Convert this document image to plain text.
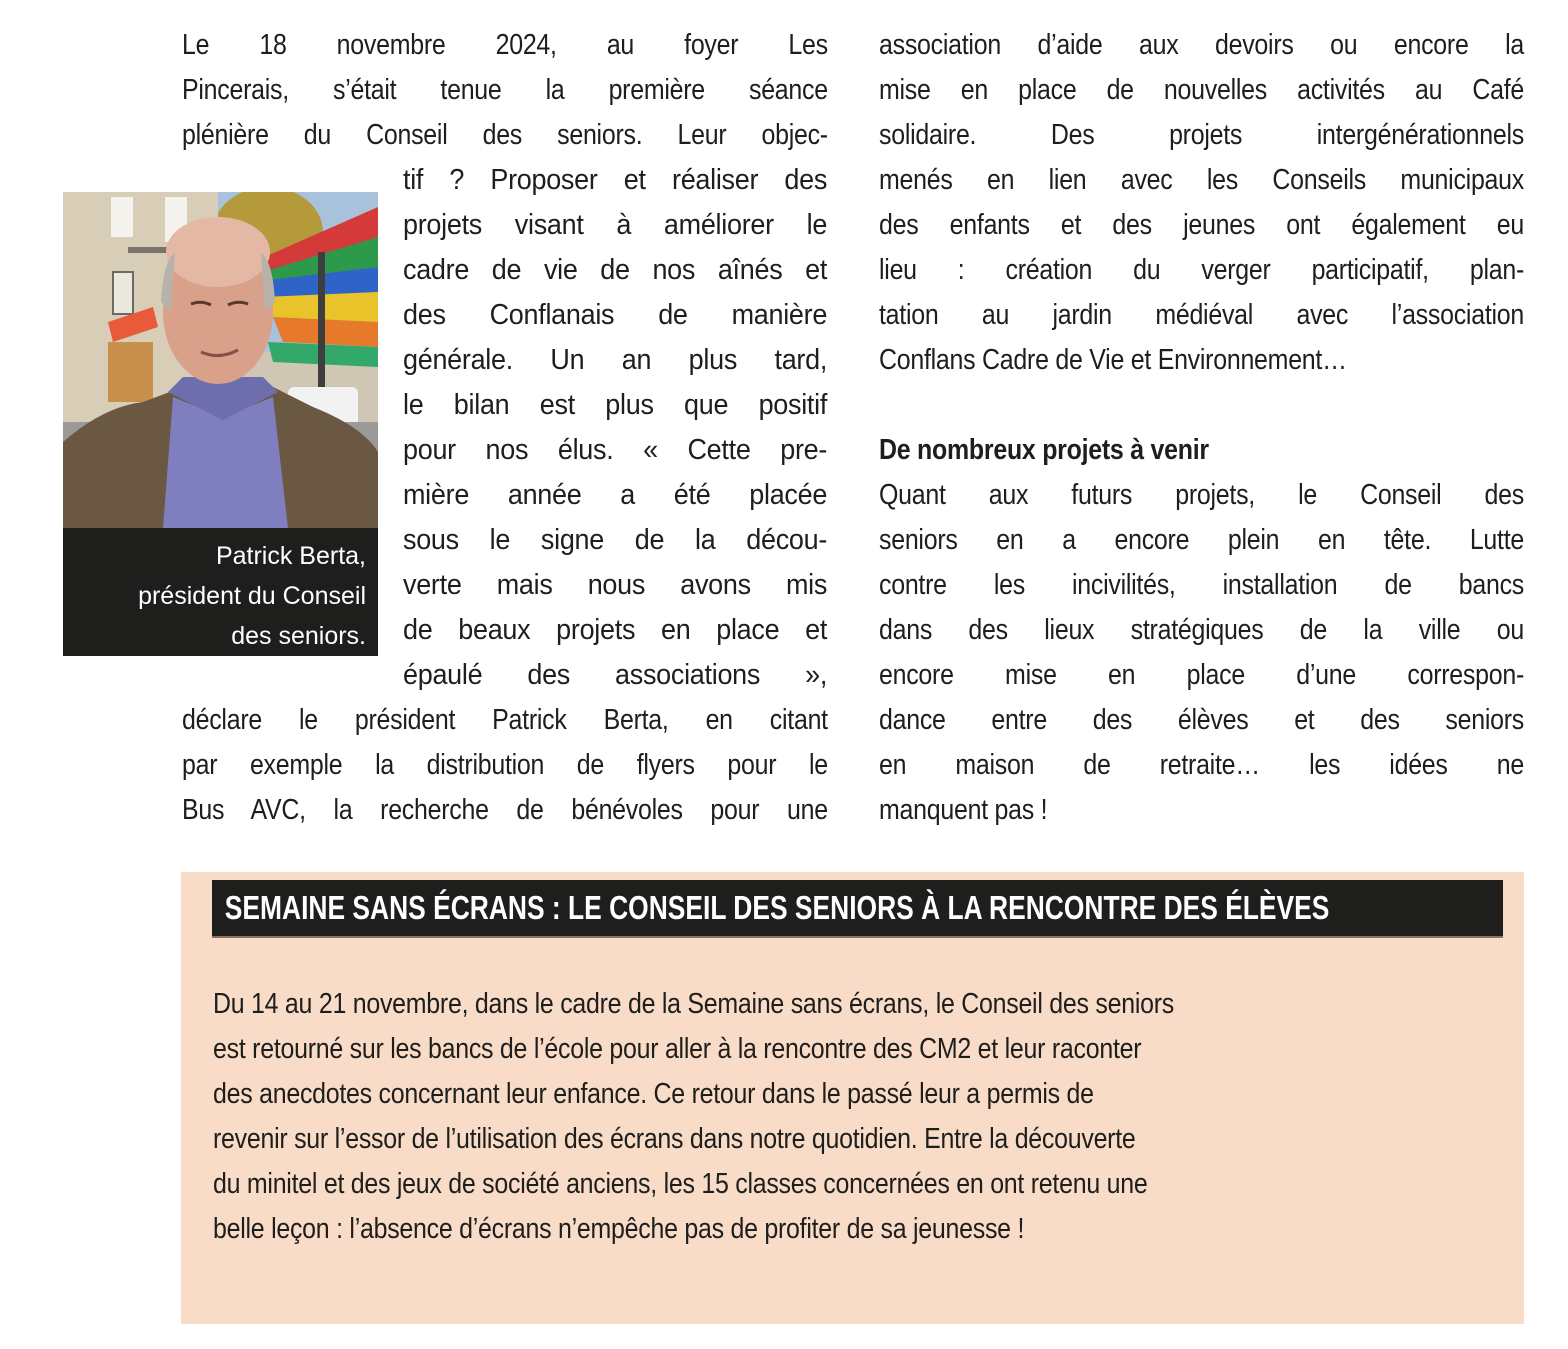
Le 18 novembre 2024, au foyer Les
Pincerais, s’était tenue la première séance
plénière du Conseil des seniors. Leur objec-
tif ? Proposer et réaliser des
projets visant à améliorer le
cadre de vie de nos aînés et
des Conflanais de manière
générale. Un an plus tard,
le bilan est plus que positif
pour nos élus. « Cette pre-
mière année a été placée
sous le signe de la décou-
verte mais nous avons mis
de beaux projets en place et
épaulé des associations »,
déclare le président Patrick Berta, en citant
par exemple la distribution de flyers pour le
Bus AVC, la recherche de bénévoles pour une
Patrick Berta,
président du Conseil
des seniors.
association d’aide aux devoirs ou encore la
mise en place de nouvelles activités au Café
solidaire. Des projets intergénérationnels
menés en lien avec les Conseils municipaux
des enfants et des jeunes ont également eu
lieu : création du verger participatif, plan-
tation au jardin médiéval avec l’association
Conflans Cadre de Vie et Environnement…
De nombreux projets à venir
Quant aux futurs projets, le Conseil des
seniors en a encore plein en tête. Lutte
contre les incivilités, installation de bancs
dans des lieux stratégiques de la ville ou
encore mise en place d’une correspon-
dance entre des élèves et des seniors
en maison de retraite… les idées ne
manquent pas !
SEMAINE SANS ÉCRANS : LE CONSEIL DES SENIORS À LA RENCONTRE DES ÉLÈVES
Du 14 au 21 novembre, dans le cadre de la Semaine sans écrans, le Conseil des seniors
est retourné sur les bancs de l’école pour aller à la rencontre des CM2 et leur raconter
des anecdotes concernant leur enfance. Ce retour dans le passé leur a permis de
revenir sur l’essor de l’utilisation des écrans dans notre quotidien. Entre la découverte
du minitel et des jeux de société anciens, les 15 classes concernées en ont retenu une
belle leçon : l’absence d’écrans n’empêche pas de profiter de sa jeunesse !
